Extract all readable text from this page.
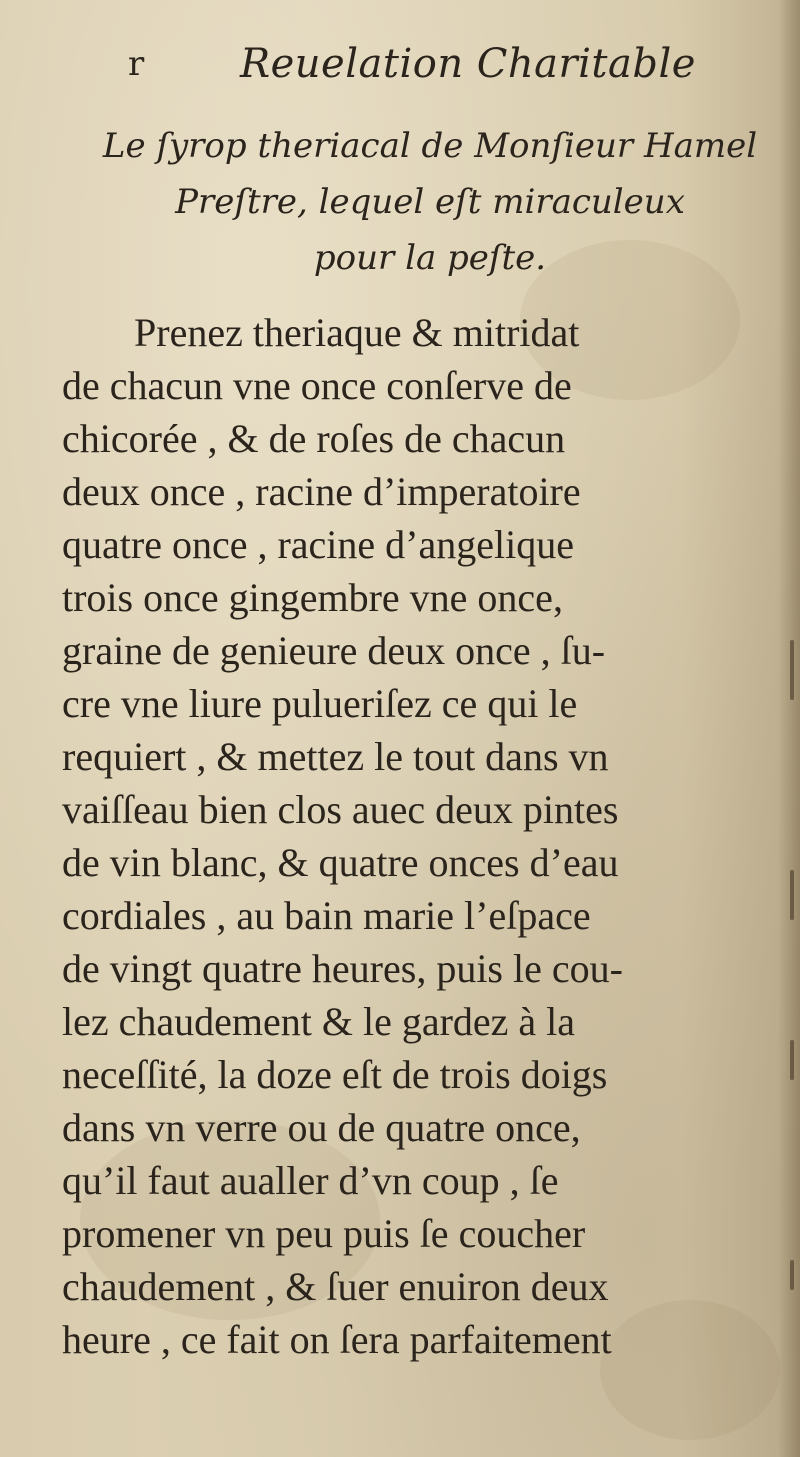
r Reuelation Charitable
Le ſyrop theriacal de Monſieur Hamel
Preſtre, lequel eſt miraculeux
pour la peſte.
Prenez theriaque & mitridat
de chacun vne once conſerve de
chicorée , & de roſes de chacun
deux once , racine d’imperatoire
quatre once , racine d’angelique
trois once gingembre vne once,
graine de genieure deux once , ſu-
cre vne liure pulueriſez ce qui le
requiert , & mettez le tout dans vn
vaiſſeau bien clos auec deux pintes
de vin blanc, & quatre onces d’eau
cordiales , au bain marie l’eſpace
de vingt quatre heures, puis le cou-
lez chaudement & le gardez à la
neceſſité, la doze eſt de trois doigs
dans vn verre ou de quatre once,
qu’il faut aualler d’vn coup , ſe
promener vn peu puis ſe coucher
chaudement , & ſuer enuiron deux
heure , ce fait on ſera parfaitement
